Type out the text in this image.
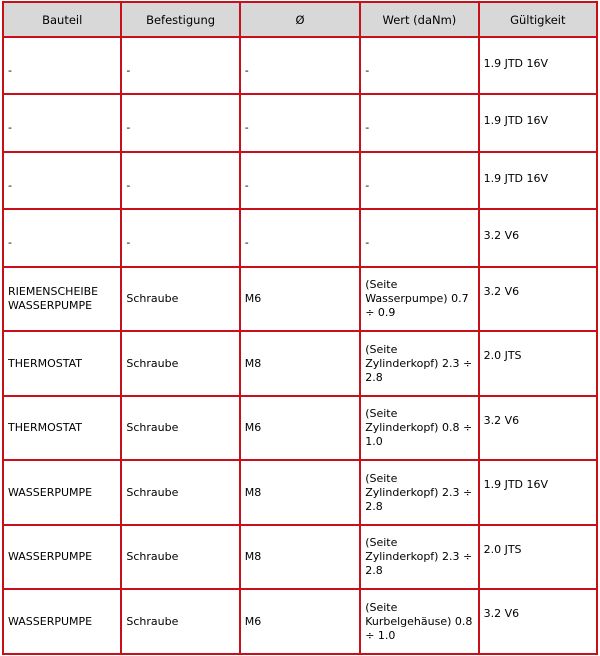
Bauteil	Befestigung	Ø	Wert (daNm)	Gültigkeit
-	-	-	-	1.9 JTD 16V
-	-	-	-	1.9 JTD 16V
-	-	-	-	1.9 JTD 16V
-	-	-	-	3.2 V6
RIEMENSCHEIBE WASSERPUMPE	Schraube	M6	(Seite Wasserpumpe) 0.7 ÷ 0.9	3.2 V6
THERMOSTAT	Schraube	M8	(Seite Zylinderkopf) 2.3 ÷ 2.8	2.0 JTS
THERMOSTAT	Schraube	M6	(Seite Zylinderkopf) 0.8 ÷ 1.0	3.2 V6
WASSERPUMPE	Schraube	M8	(Seite Zylinderkopf) 2.3 ÷ 2.8	1.9 JTD 16V
WASSERPUMPE	Schraube	M8	(Seite Zylinderkopf) 2.3 ÷ 2.8	2.0 JTS
WASSERPUMPE	Schraube	M6	(Seite Kurbelgehäuse) 0.8 ÷ 1.0	3.2 V6
